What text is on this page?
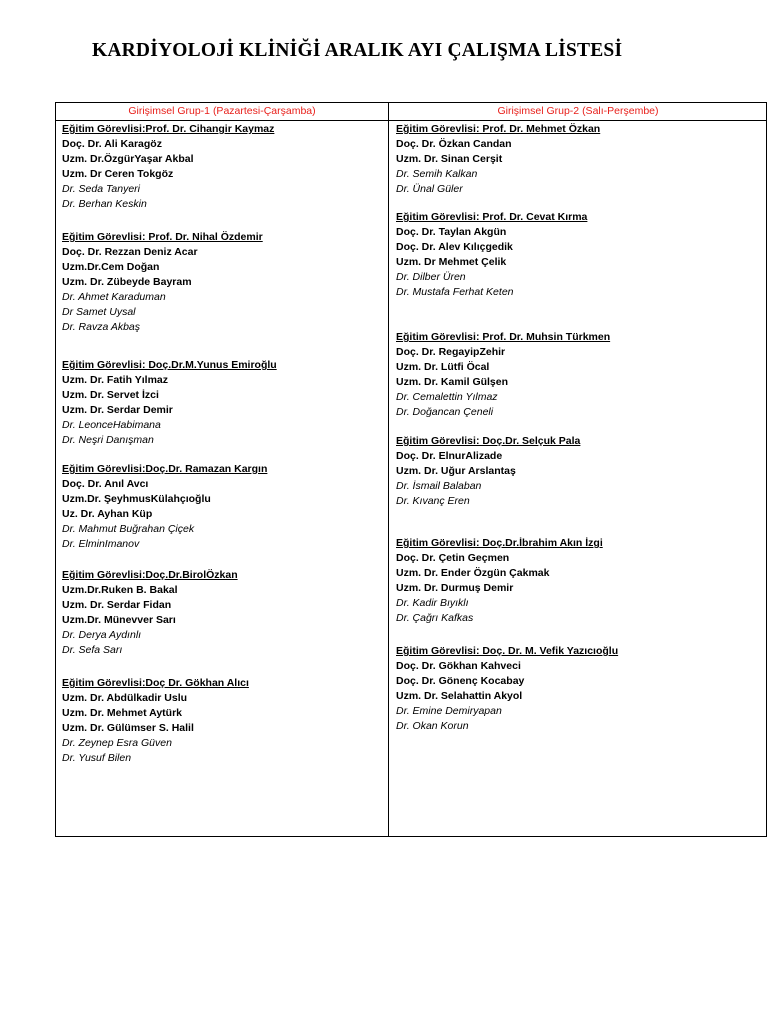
KARDİYOLOJİ KLİNİĞİ ARALIK AYI ÇALIŞMA LİSTESİ
Girişimsel Grup-1 (Pazartesi-Çarşamba)	Girişimsel Grup-2 (Salı-Perşembe)
Eğitim Görevlisi:Prof. Dr. Cihangir Kaymaz
Doç. Dr. Ali Karagöz
Uzm. Dr.ÖzgürYaşar Akbal
Uzm. Dr Ceren Tokgöz
Dr. Seda Tanyeri
Dr. Berhan Keskin
Eğitim Görevlisi: Prof. Dr. Nihal Özdemir
Doç. Dr. Rezzan Deniz Acar
Uzm.Dr.Cem Doğan
Uzm. Dr. Zübeyde Bayram
Dr. Ahmet Karaduman
Dr Samet Uysal
Dr. Ravza Akbaş
Eğitim Görevlisi: Doç.Dr.M.Yunus Emiroğlu
Uzm. Dr. Fatih Yılmaz
Uzm. Dr. Servet İzci
Uzm. Dr. Serdar Demir
Dr. LeonceHabimana
Dr. Neşri Danışman
Eğitim Görevlisi:Doç.Dr. Ramazan Kargın
Doç. Dr. Anıl Avcı
Uzm.Dr. ŞeyhmusKülahçıoğlu
Uz. Dr. Ayhan Küp
Dr. Mahmut Buğrahan Çiçek
Dr. ElminImanov
Eğitim Görevlisi:Doç.Dr.BirolÖzkan
Uzm.Dr.Ruken B. Bakal
Uzm. Dr. Serdar Fidan
Uzm.Dr. Münevver Sarı
Dr. Derya Aydınlı
Dr. Sefa Sarı
Eğitim Görevlisi:Doç Dr. Gökhan Alıcı
Uzm. Dr. Abdülkadir Uslu
Uzm. Dr. Mehmet Aytürk
Uzm. Dr. Gülümser S. Halil
Dr. Zeynep Esra Güven
Dr. Yusuf Bilen
Eğitim Görevlisi: Prof. Dr. Mehmet Özkan
Doç. Dr. Özkan Candan
Uzm. Dr. Sinan Cerşit
Dr. Semih Kalkan
Dr. Ünal Güler
Eğitim Görevlisi: Prof. Dr. Cevat Kırma
Doç. Dr. Taylan Akgün
Doç. Dr. Alev Kılıçgedik
Uzm. Dr Mehmet Çelik
Dr. Dilber Üren
Dr. Mustafa Ferhat Keten
Eğitim Görevlisi: Prof. Dr. Muhsin Türkmen
Doç. Dr. RegayipZehir
Uzm. Dr. Lütfi Öcal
Uzm. Dr. Kamil Gülşen
Dr. Cemalettin Yılmaz
Dr. Doğancan Çeneli
Eğitim Görevlisi: Doç.Dr. Selçuk Pala
Doç. Dr. ElnurAlizade
Uzm. Dr. Uğur Arslantaş
Dr. İsmail Balaban
Dr. Kıvanç Eren
Eğitim Görevlisi: Doç.Dr.İbrahim Akın İzgi
Doç. Dr. Çetin Geçmen
Uzm. Dr. Ender Özgün Çakmak
Uzm. Dr. Durmuş Demir
Dr. Kadir Bıyıklı
Dr. Çağrı Kafkas
Eğitim Görevlisi: Doç. Dr. M. Vefik Yazıcıoğlu
Doç. Dr. Gökhan Kahveci
Doç. Dr. Gönenç Kocabay
Uzm. Dr. Selahattin Akyol
Dr. Emine Demiryapan
Dr. Okan Korun
